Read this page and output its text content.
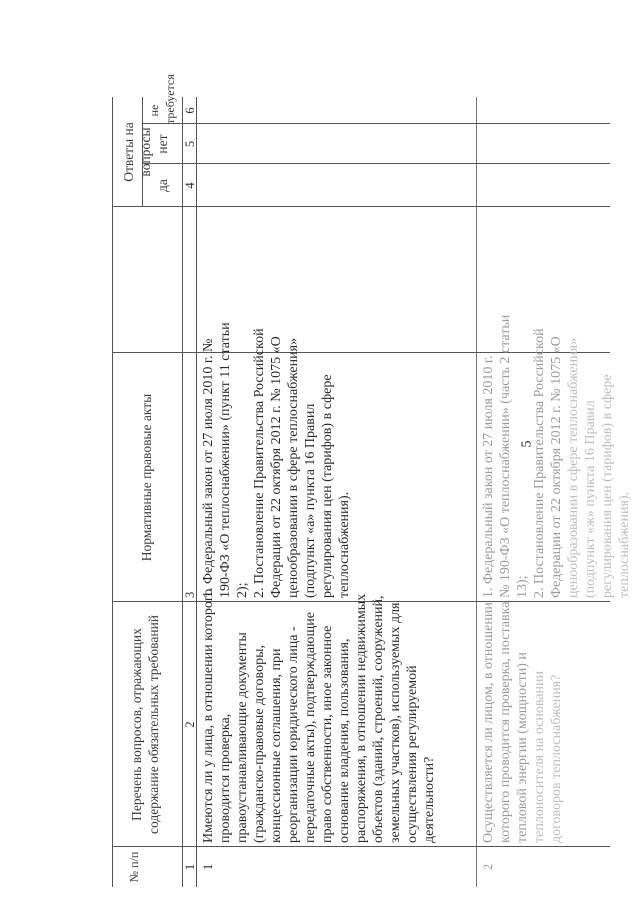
5
№ п/п
Нормативные правовые акты
Ответы на вопросы
да
нет
не требуется
1
2
3
4
5
6
1
Имеются ли у лица, в отношении которого проводится проверка, правоустанавливающие документы (гражданско-правовые договоры, концессионные соглашения, при реорганизации юридического лица - передаточные акты), подтверждающие право собственности, иное законное основание владения, пользования, распоряжения, в отношении недвижимых объектов (зданий, строений, сооружений, земельных участков), используемых для осуществления регулируемой деятельности?
1. Федеральный закон от 27 июля 2010 г. № 190-ФЗ «О теплоснабжении» (пункт 11 статьи 2); 2. Постановление Правительства Российской Федерации от 22 октября 2012 г. № 1075 «О ценообразовании в сфере теплоснабжения» (подпункт «а» пункта 16 Правил регулирования цен (тарифов) в сфере теплоснабжения).
2
Осуществляется ли лицом, в отношении которого проводится проверка, поставка тепловой энергии (мощности) и теплоносителя на основании договоров теплоснабжения?
1. Федеральный закон от 27 июля 2010 г. № 190-ФЗ «О теплоснабжении» (часть 2 статьи 13); 2. Постановление Правительства Российской Федерации от 22 октября 2012 г. № 1075 «О ценообразовании в сфере теплоснабжения» (подпункт «ж» пункта 16 Правил регулирования цен (тарифов) в сфере теплоснабжения).
Перечень вопросов, отражающих содержание обязательных требований
